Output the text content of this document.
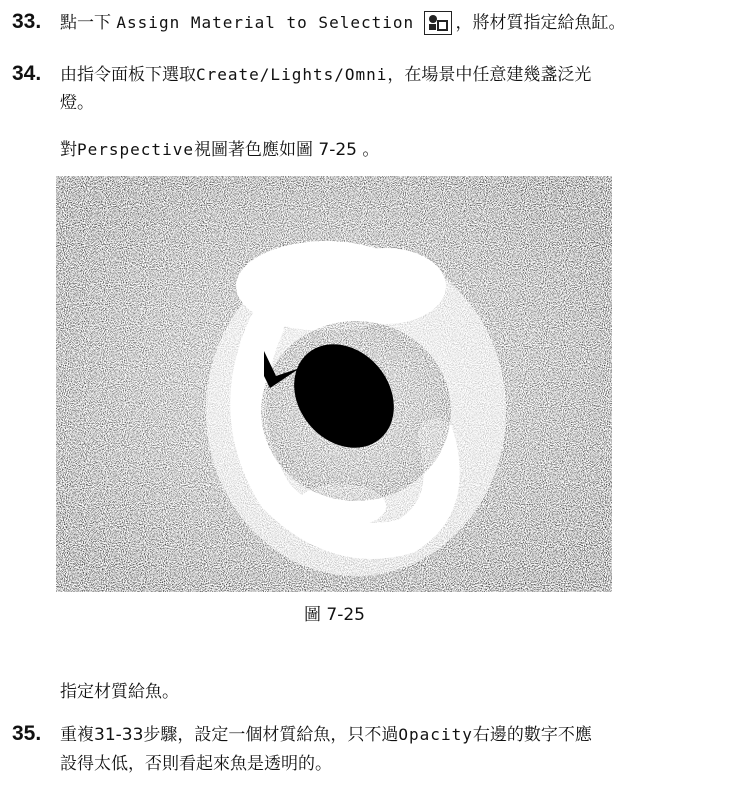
33. 點一下 Assign Material to Selection ，將材質指定給魚缸。
34. 由指令面板下選取Create/Lights/Omni，在場景中任意建幾盞泛光
燈。
對Perspective視圖著色應如圖 7-25 。
圖 7-25
指定材質給魚。
35. 重複31-33步驟，設定一個材質給魚，只不過Opacity右邊的數字不應
設得太低，否則看起來魚是透明的。
